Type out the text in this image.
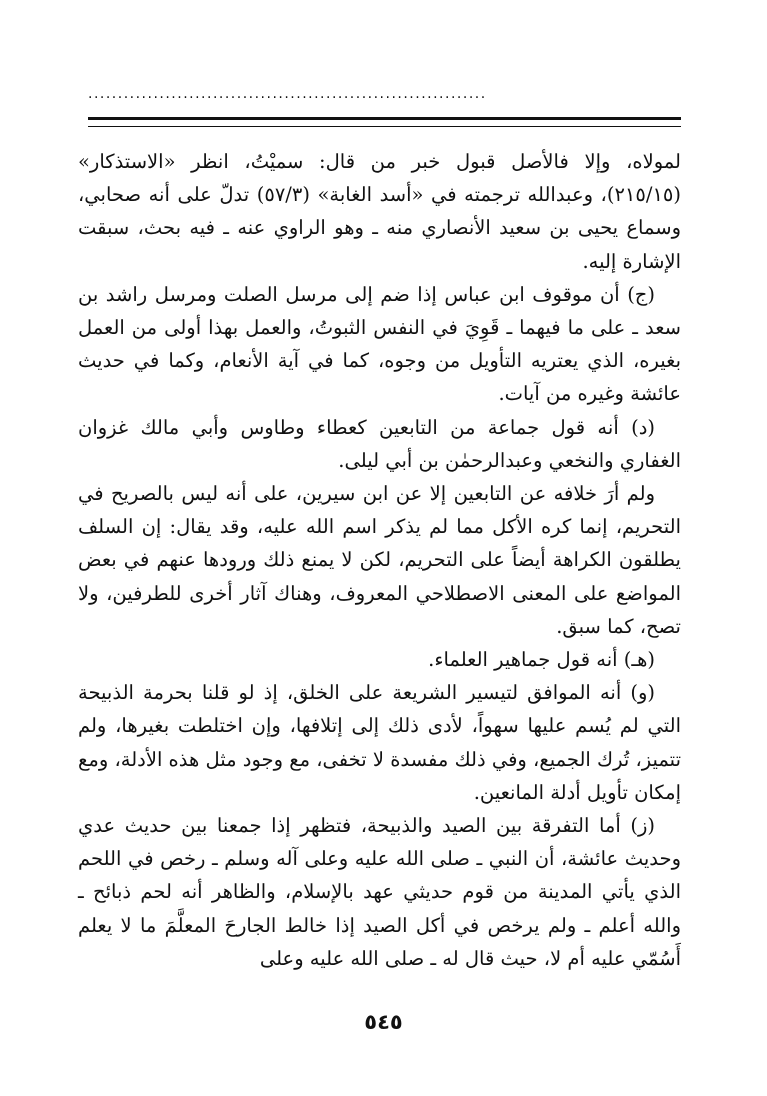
...................................................................

لمولاه، وإلا فالأصل قبول خبر من قال: سميْتُ، انظر «الاستذكار» (٢١٥/١٥)، وعبدالله ترجمته في «أسد الغابة» (٥٧/٣) تدلّ على أنه صحابي، وسماع يحيى بن سعيد الأنصاري منه ـ وهو الراوي عنه ـ فيه بحث، سبقت الإشارة إليه.

(ج) أن موقوف ابن عباس إذا ضم إلى مرسل الصلت ومرسل راشد بن سعد ـ على ما فيهما ـ قَوِيَ في النفس الثبوتُ، والعمل بهذا أولى من العمل بغيره، الذي يعتريه التأويل من وجوه، كما في آية الأنعام، وكما في حديث عائشة وغيره من آيات.

(د) أنه قول جماعة من التابعين كعطاء وطاوس وأبي مالك غزوان الغفاري والنخعي وعبدالرحمٰن بن أبي ليلى.

ولم أرَ خلافه عن التابعين إلا عن ابن سيرين، على أنه ليس بالصريح في التحريم، إنما كره الأكل مما لم يذكر اسم الله عليه، وقد يقال: إن السلف يطلقون الكراهة أيضاً على التحريم، لكن لا يمنع ذلك ورودها عنهم في بعض المواضع على المعنى الاصطلاحي المعروف، وهناك آثار أخرى للطرفين، ولا تصح، كما سبق.

(هـ) أنه قول جماهير العلماء.

(و) أنه الموافق لتيسير الشريعة على الخلق، إذ لو قلنا بحرمة الذبيحة التي لم يُسم عليها سهواً، لأدى ذلك إلى إتلافها، وإن اختلطت بغيرها، ولم تتميز، تُرك الجميع، وفي ذلك مفسدة لا تخفى، مع وجود مثل هذه الأدلة، ومع إمكان تأويل أدلة المانعين.

(ز) أما التفرقة بين الصيد والذبيحة، فتظهر إذا جمعنا بين حديث عدي وحديث عائشة، أن النبي ـ صلى الله عليه وعلى آله وسلم ـ رخص في اللحم الذي يأتي المدينة من قوم حديثي عهد بالإسلام، والظاهر أنه لحم ذبائح ـ والله أعلم ـ ولم يرخص في أكل الصيد إذا خالط الجارحَ المعلَّمَ ما لا يعلم أَسُمّي عليه أم لا، حيث قال له ـ صلى الله عليه وعلى

٥٤٥
